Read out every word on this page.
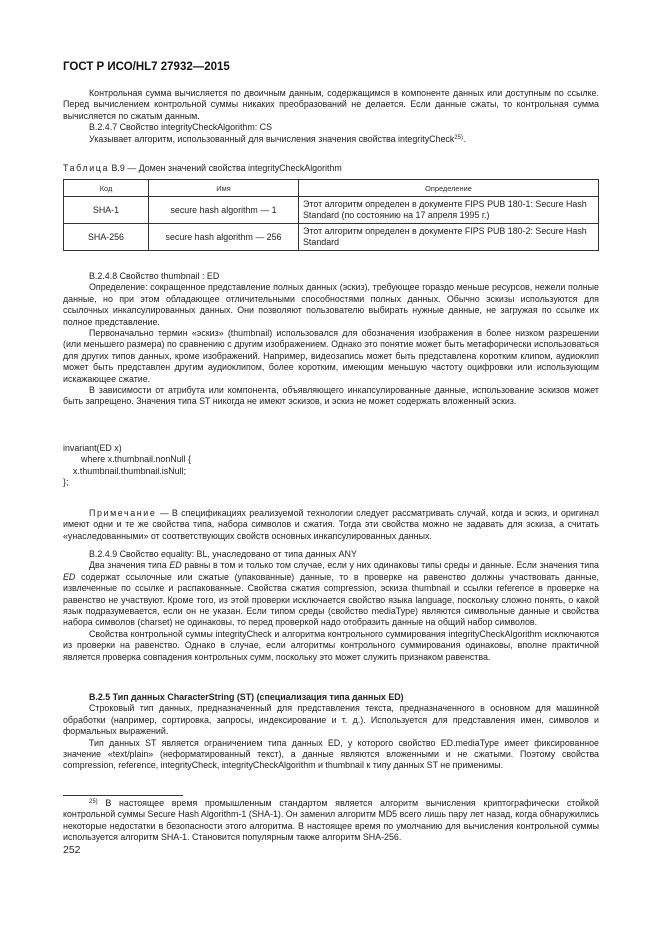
ГОСТ Р ИСО/HL7 27932—2015

Контрольная сумма вычисляется по двоичным данным, содержащимся в компоненте данных или доступным по ссылке. Перед вычислением контрольной суммы никаких преобразований не делается. Если данные сжаты, то контрольная сумма вычисляется по сжатым данным.

В.2.4.7 Свойство integrityCheckAlgorithm: CS

Указывает алгоритм, использованный для вычисления значения свойства integrityCheck$^{25)}$.

Таблица В.9 — Домен значений свойства integrityCheckAlgorithm
Код	Имя	Определение
SHA-1	secure hash algorithm — 1	Этот алгоритм определен в документе FIPS PUB 180-1: Secure Hash Standard (по состоянию на 17 апреля 1995 г.)
SHA-256	secure hash algorithm — 256	Этот алгоритм определен в документе FIPS PUB 180-2: Secure Hash Standard

В.2.4.8 Свойство thumbnail : ED

Определение: сокращенное представление полных данных (эскиз), требующее гораздо меньше ресурсов, нежели полные данные, но при этом обладающее отличительными способностями полных данных. Обычно эскизы используются для ссылочных инкапсулированных данных. Они позволяют пользователю выбирать нужные данные, не загружая по ссылке их полное представление.

Первоначально термин «эскиз» (thumbnail) использовался для обозначения изображения в более низком разрешении (или меньшего размера) по сравнению с другим изображением. Однако это понятие может быть метафорически использоваться для других типов данных, кроме изображений. Например, видеозапись может быть представлена коротким клипом, аудиоклип может быть представлен другим аудиоклипом, более коротким, имеющим меньшую частоту оцифровки или использующим искажающее сжатие.

В зависимости от атрибута или компонента, объявляющего инкапсулированные данные, использование эскизов может быть запрещено. Значения типа ST никогда не имеют эскизов, и эскиз не может содержать вложенный эскиз.

invariant(ED x)

where x.thumbnail.nonNull {

x.thumbnail.thumbnail.isNull;

};

Примечание — В спецификациях реализуемой технологии следует рассматривать случай, когда и эскиз, и оригинал имеют одни и те же свойства типа, набора символов и сжатия. Тогда эти свойства можно не задавать для эскиза, а считать «унаследованными» от соответствующих свойств основных инкапсулированных данных.

В.2.4.9 Свойство equality: BL, унаследовано от типа данных ANY

Два значения типа ED равны в том и только том случае, если у них одинаковы типы среды и данные. Если значения типа ED содержат ссылочные или сжатые (упакованные) данные, то в проверке на равенство должны участвовать данные, извлеченные по ссылке и распакованные. Свойства сжатия compression, эскиза thumbnail и ссылки reference в проверке на равенство не участвуют. Кроме того, из этой проверки исключается свойство языка language, поскольку сложно понять, о какой язык подразумевается, если он не указан. Если типом среды (свойство mediaType) являются символьные данные и свойства набора символов (charset) не одинаковы, то перед проверкой надо отобразить данные на общий набор символов.

Свойства контрольной суммы integrityCheck и алгоритма контрольного суммирования integrityCheckAlgorithm исключаются из проверки на равенство. Однако в случае, если алгоритмы контрольного суммирования одинаковы, вполне практичной является проверка совпадения контрольных сумм, поскольку это может служить признаком равенства.

В.2.5 Тип данных CharacterString (ST) (специализация типа данных ED)

Строковый тип данных, предназначенный для представления текста, предназначенного в основном для машинной обработки (например, сортировка, запросы, индексирование и т. д.). Используется для представления имен, символов и формальных выражений.

Тип данных ST является ограничением типа данных ED, у которого свойство ED.mediaType имеет фиксированное значение «text/plain» (неформатированный текст), а данные являются вложенными и не сжатыми. Поэтому свойства compression, reference, integrityCheck, integrityCheckAlgorithm и thumbnail к типу данных ST не применимы.

$^{25)}$ В настоящее время промышленным стандартом является алгоритм вычисления криптографически стойкой контрольной суммы Secure Hash Algorithm-1 (SHA-1). Он заменил алгоритм MD5 всего лишь пару лет назад, когда обнаружились некоторые недостатки в безопасности этого алгоритма. В настоящее время по умолчанию для вычисления контрольной суммы используется алгоритм SHA-1. Становится популярным также алгоритм SHA-256.

252
